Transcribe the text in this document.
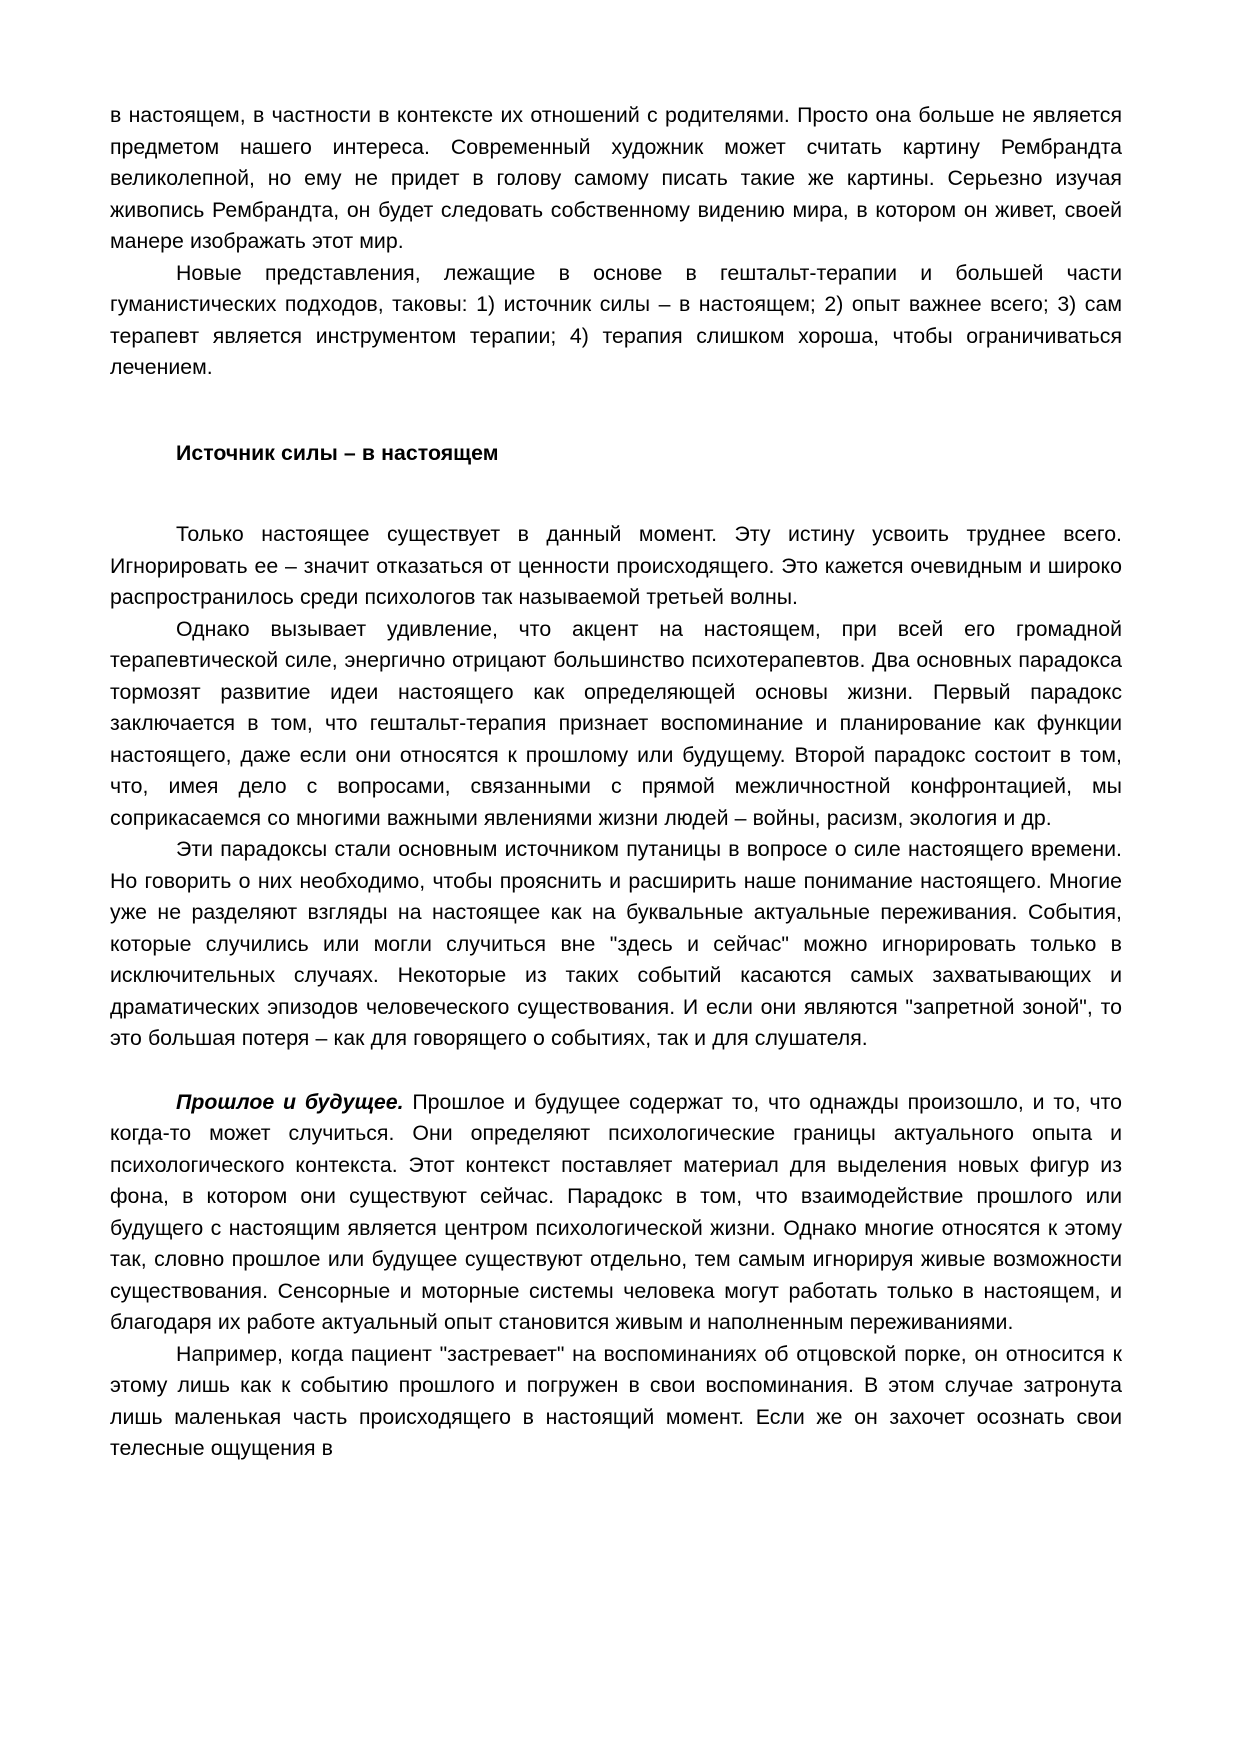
в настоящем, в частности в контексте их отношений с родителями. Просто она больше не является предметом нашего интереса. Современный художник может считать картину Рембрандта великолепной, но ему не придет в голову самому писать такие же картины. Серьезно изучая живопись Рембрандта, он будет следовать собственному видению мира, в котором он живет, своей манере изображать этот мир.

Новые представления, лежащие в основе в гештальт-терапии и большей части гуманистических подходов, таковы: 1) источник силы – в настоящем; 2) опыт важнее всего; 3) сам терапевт является инструментом терапии; 4) терапия слишком хороша, чтобы ограничиваться лечением.

Источник силы – в настоящем

Только настоящее существует в данный момент. Эту истину усвоить труднее всего. Игнорировать ее – значит отказаться от ценности происходящего. Это кажется очевидным и широко распространилось среди психологов так называемой третьей волны.

Однако вызывает удивление, что акцент на настоящем, при всей его громадной терапевтической силе, энергично отрицают большинство психотерапевтов. Два основных парадокса тормозят развитие идеи настоящего как определяющей основы жизни. Первый парадокс заключается в том, что гештальт-терапия признает воспоминание и планирование как функции настоящего, даже если они относятся к прошлому или будущему. Второй парадокс состоит в том, что, имея дело с вопросами, связанными с прямой межличностной конфронтацией, мы соприкасаемся со многими важными явлениями жизни людей – войны, расизм, экология и др.

Эти парадоксы стали основным источником путаницы в вопросе о силе настоящего времени. Но говорить о них необходимо, чтобы прояснить и расширить наше понимание настоящего. Многие уже не разделяют взгляды на настоящее как на буквальные актуальные переживания. События, которые случились или могли случиться вне "здесь и сейчас" можно игнорировать только в исключительных случаях. Некоторые из таких событий касаются самых захватывающих и драматических эпизодов человеческого существования. И если они являются "запретной зоной", то это большая потеря – как для говорящего о событиях, так и для слушателя.

Прошлое и будущее. Прошлое и будущее содержат то, что однажды произошло, и то, что когда-то может случиться. Они определяют психологические границы актуального опыта и психологического контекста. Этот контекст поставляет материал для выделения новых фигур из фона, в котором они существуют сейчас. Парадокс в том, что взаимодействие прошлого или будущего с настоящим является центром психологической жизни. Однако многие относятся к этому так, словно прошлое или будущее существуют отдельно, тем самым игнорируя живые возможности существования. Сенсорные и моторные системы человека могут работать только в настоящем, и благодаря их работе актуальный опыт становится живым и наполненным переживаниями.

Например, когда пациент "застревает" на воспоминаниях об отцовской порке, он относится к этому лишь как к событию прошлого и погружен в свои воспоминания. В этом случае затронута лишь маленькая часть происходящего в настоящий момент. Если же он захочет осознать свои телесные ощущения в
